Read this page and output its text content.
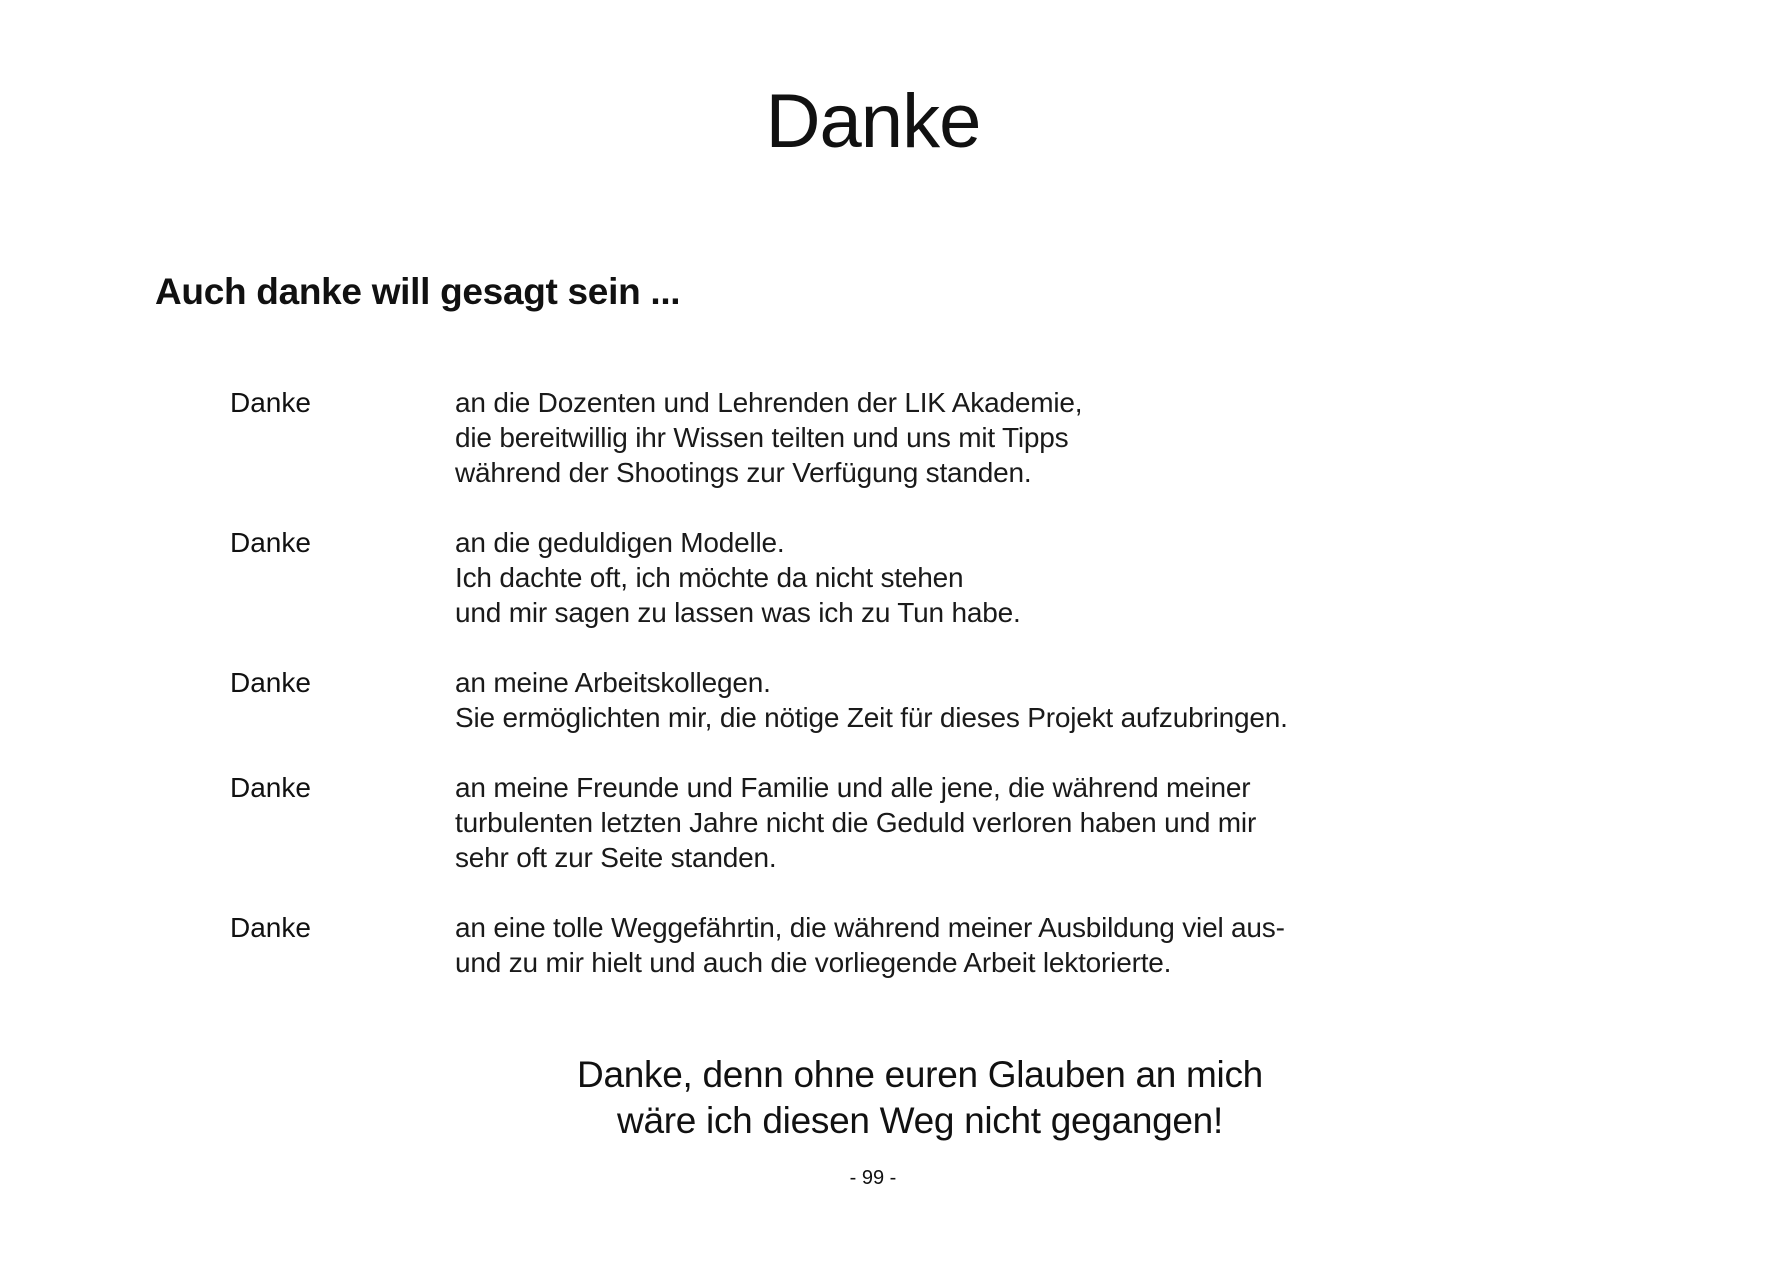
Danke
Auch danke will gesagt sein ...
Danke	an die Dozenten und Lehrenden der LIK Akademie,
die bereitwillig ihr Wissen teilten und uns mit Tipps
während der Shootings zur Verfügung standen.
Danke	an die geduldigen Modelle.
Ich dachte oft, ich möchte da nicht stehen
und mir sagen zu lassen was ich zu Tun habe.
Danke	an meine Arbeitskollegen.
Sie ermöglichten mir, die nötige Zeit für dieses Projekt aufzubringen.
Danke	an meine Freunde und Familie und alle jene, die während meiner
turbulenten letzten Jahre nicht die Geduld verloren haben und mir
sehr oft zur Seite standen.
Danke	an eine tolle Weggefährtin, die während meiner Ausbildung viel aus-
und zu mir hielt und auch die vorliegende Arbeit lektorierte.

Danke, denn ohne euren Glauben an mich
wäre ich diesen Weg nicht gegangen!

- 99 -
